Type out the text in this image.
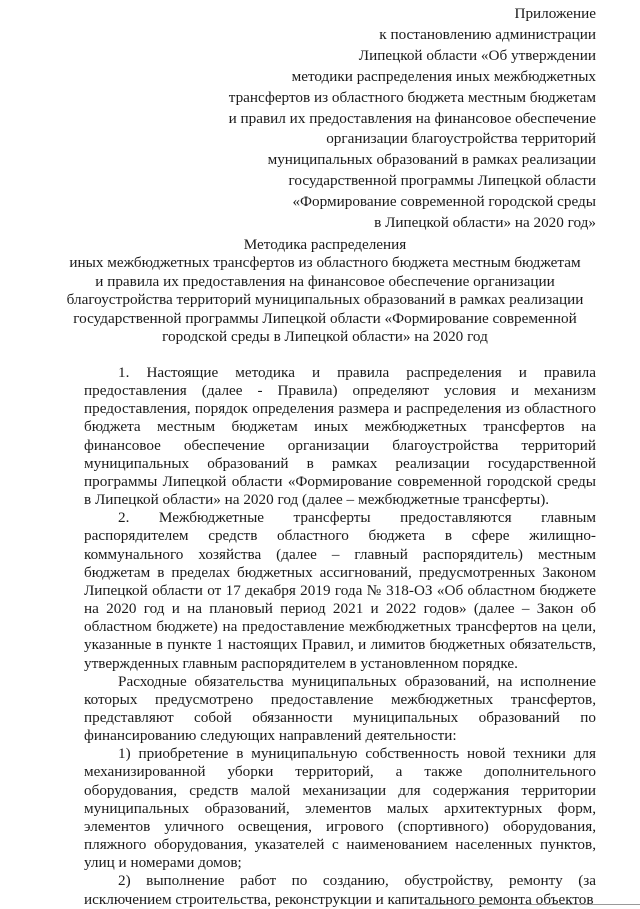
Приложение
к постановлению администрации
Липецкой области «Об утверждении
методики распределения иных межбюджетных
трансфертов из областного бюджета местным бюджетам
и правил их предоставления на финансовое обеспечение
организации благоустройства территорий
муниципальных образований в рамках реализации
государственной программы Липецкой области
«Формирование современной городской среды
в Липецкой области» на 2020 год»
Методика распределения
иных межбюджетных трансфертов из областного бюджета местным бюджетам
и правила их предоставления на финансовое обеспечение организации
благоустройства территорий муниципальных образований в рамках реализации
государственной программы Липецкой области «Формирование современной
городской среды в Липецкой области» на 2020 год

1. Настоящие методика и правила распределения и правила предоставления (далее - Правила) определяют условия и механизм предоставления, порядок определения размера и распределения из областного бюджета местным бюджетам иных межбюджетных трансфертов на финансовое обеспечение организации благоустройства территорий муниципальных образований в рамках реализации государственной программы Липецкой области «Формирование современной городской среды в Липецкой области» на 2020 год (далее – межбюджетные трансферты).

2. Межбюджетные трансферты предоставляются главным распорядителем средств областного бюджета в сфере жилищно-коммунального хозяйства (далее – главный распорядитель) местным бюджетам в пределах бюджетных ассигнований, предусмотренных Законом Липецкой области от 17 декабря 2019 года № 318-ОЗ «Об областном бюджете на 2020 год и на плановый период 2021 и 2022 годов» (далее – Закон об областном бюджете) на предоставление межбюджетных трансфертов на цели, указанные в пункте 1 настоящих Правил, и лимитов бюджетных обязательств, утвержденных главным распорядителем в установленном порядке.

Расходные обязательства муниципальных образований, на исполнение которых предусмотрено предоставление межбюджетных трансфертов, представляют собой обязанности муниципальных образований по финансированию следующих направлений деятельности:

1) приобретение в муниципальную собственность новой техники для механизированной уборки территорий, а также дополнительного оборудования, средств малой механизации для содержания территории муниципальных образований, элементов малых архитектурных форм, элементов уличного освещения, игрового (спортивного) оборудования, пляжного оборудования, указателей с наименованием населенных пунктов, улиц и номерами домов;

2) выполнение работ по созданию, обустройству, ремонту (за исключением строительства, реконструкции и капитального ремонта объектов
